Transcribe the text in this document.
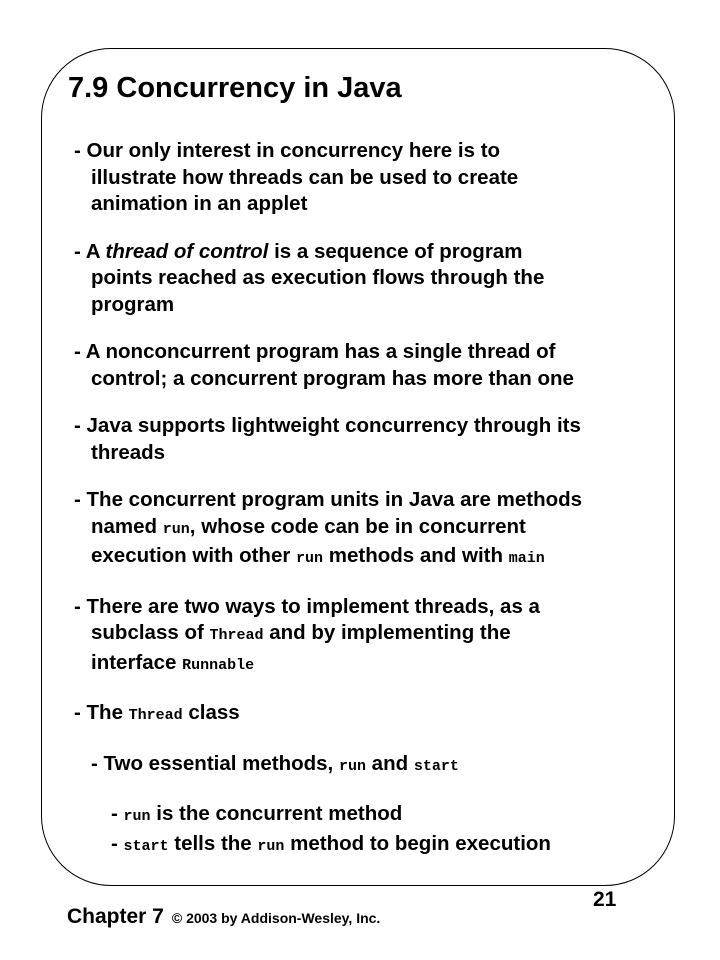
7.9 Concurrency in Java

- Our only interest in concurrency here is to
illustrate how threads can be used to create
animation in an applet

- A thread of control is a sequence of program
points reached as execution flows through the
program

- A nonconcurrent program has a single thread of
control; a concurrent program has more than one

- Java supports lightweight concurrency through its
threads

- The concurrent program units in Java are methods
named run, whose code can be in concurrent
execution with other run methods and with main

- There are two ways to implement threads, as a
subclass of Thread and by implementing the
interface Runnable

- The Thread class

- Two essential methods, run and start

- run is the concurrent method
- start tells the run method to begin execution

Chapter 7 © 2003 by Addison-Wesley, Inc.
21
